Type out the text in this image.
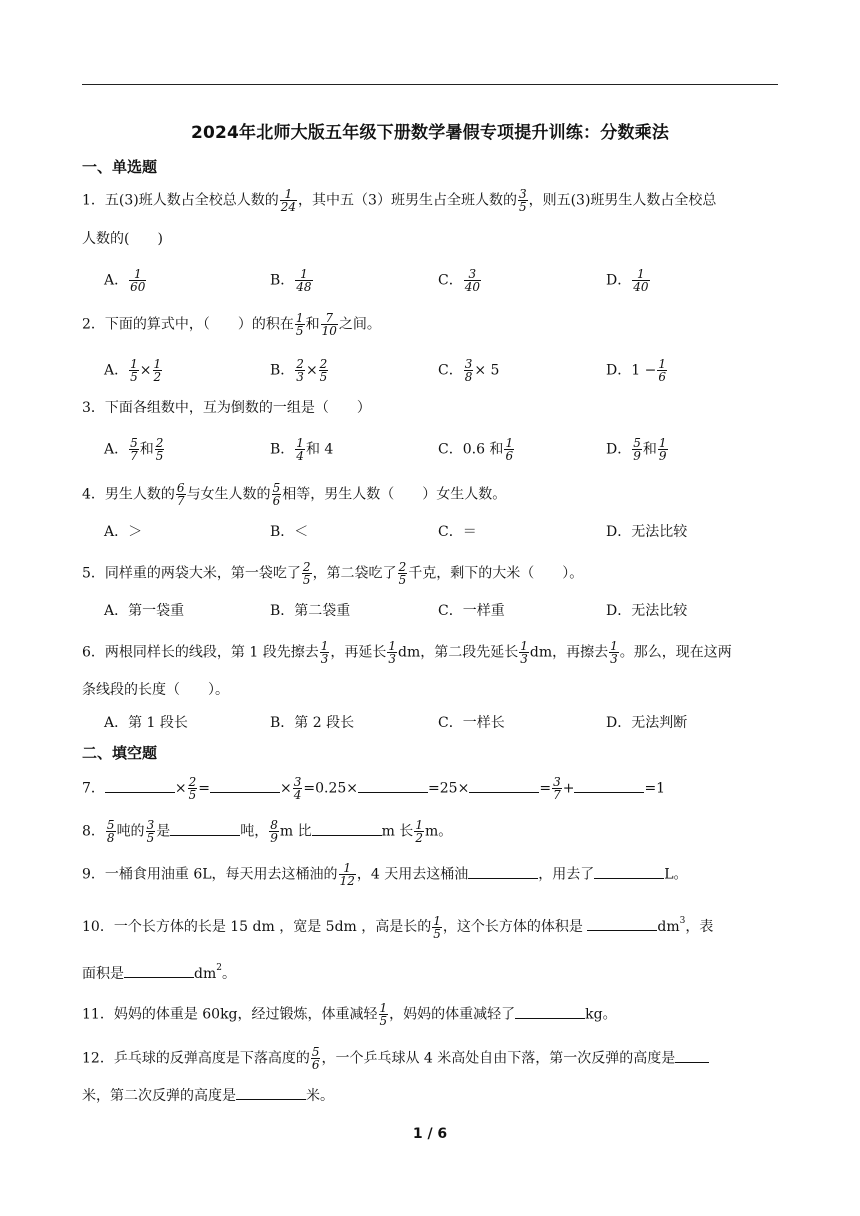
2024年北师大版五年级下册数学暑假专项提升训练：分数乘法
一、单选题
1．五(3)班人数占全校总人数的 $\frac{1}{24}$ ，其中五（3）班男生占全班人数的 $\frac{3}{5}$ ，则五(3)班男生人数占全校总
人数的(　　)
A． $\frac{1}{60}$	B． $\frac{1}{48}$	C． $\frac{3}{40}$	D． $\frac{1}{40}$
2．下面的算式中，（　　）的积在 $\frac{1}{5}$ 和 $\frac{7}{10}$ 之间。
A． $\frac{1}{5} \times \frac{1}{2}$	B． $\frac{2}{3} \times \frac{2}{5}$	C． $\frac{3}{8} \times 5$	D．$1 - \frac{1}{6}$
3．下面各组数中，互为倒数的一组是（　　）
A． $\frac{5}{7}$ 和 $\frac{2}{5}$	B． $\frac{1}{4}$ 和 4	C．0.6 和 $\frac{1}{6}$	D． $\frac{5}{9}$ 和 $\frac{1}{9}$
4．男生人数的 $\frac{6}{7}$ 与女生人数的 $\frac{5}{6}$ 相等，男生人数（　　）女生人数。
A．＞	B．＜	C．＝	D．无法比较
5．同样重的两袋大米，第一袋吃了 $\frac{2}{5}$ ，第二袋吃了 $\frac{2}{5}$ 千克，剩下的大米（　　）。
A．第一袋重	B．第二袋重	C．一样重	D．无法比较
6．两根同样长的线段，第 1 段先擦去 $\frac{1}{3}$ ，再延长 $\frac{1}{3}$ dm，第二段先延长 $\frac{1}{3}$ dm，再擦去 $\frac{1}{3}$ 。那么，现在这两
条线段的长度（　　）。
A．第 1 段长	B．第 2 段长	C．一样长	D．无法判断
二、填空题
7．	× $\frac{2}{5}$ =	× $\frac{3}{4} =0.25\times$	=25×	= $\frac{3}{7}$ +	=1
8． $\frac{5}{8}$ 吨的 $\frac{3}{5}$ 是	吨， $\frac{8}{9}$ m 比	m 长 $\frac{1}{2}$ m。
9．一桶食用油重 6L，每天用去这桶油的 $\frac{1}{12}$ ，4 天用去这桶油	，用去了	L。
10．一个长方体的长是 15 dm ，宽是 5dm ，高是长的 $\frac{1}{5}$ ，这个长方体的体积是	$dm^3$，表
面积是	$dm^2$。
11．妈妈的体重是 60kg，经过锻炼，体重减轻 $\frac{1}{5}$ ，妈妈的体重减轻了	kg。
12．乒乓球的反弹高度是下落高度的 $\frac{5}{6}$ ，一个乒乓球从 4 米高处自由下落，第一次反弹的高度是
米，第二次反弹的高度是	米。
1 / 6
